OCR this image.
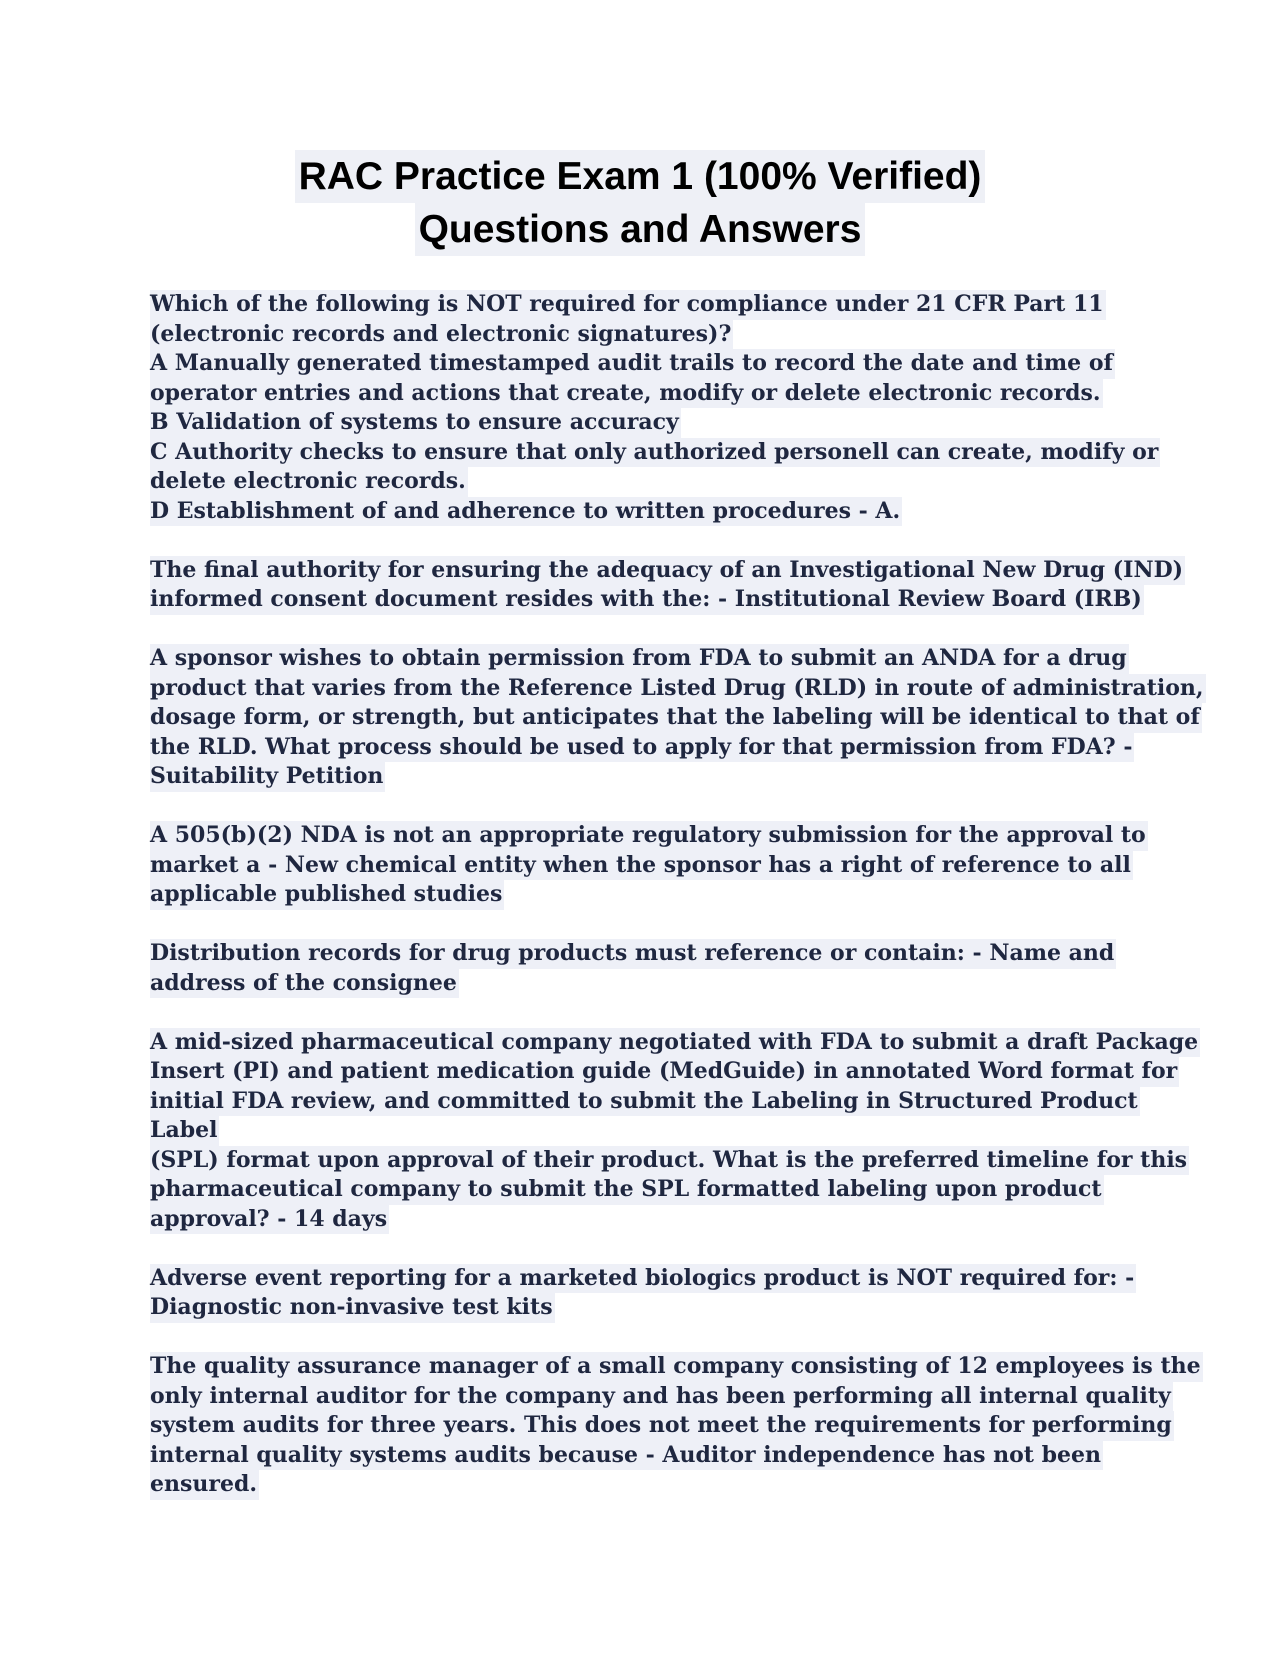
RAC Practice Exam 1 (100% Verified)
Questions and Answers
Which of the following is NOT required for compliance under 21 CFR Part 11
(electronic records and electronic signatures)?
A Manually generated timestamped audit trails to record the date and time of
operator entries and actions that create, modify or delete electronic records.
B Validation of systems to ensure accuracy
C Authority checks to ensure that only authorized personell can create, modify or
delete electronic records.
D Establishment of and adherence to written procedures - A.
The final authority for ensuring the adequacy of an Investigational New Drug (IND)
informed consent document resides with the: - Institutional Review Board (IRB)
A sponsor wishes to obtain permission from FDA to submit an ANDA for a drug
product that varies from the Reference Listed Drug (RLD) in route of administration,
dosage form, or strength, but anticipates that the labeling will be identical to that of
the RLD. What process should be used to apply for that permission from FDA? -
Suitability Petition
A 505(b)(2) NDA is not an appropriate regulatory submission for the approval to
market a - New chemical entity when the sponsor has a right of reference to all
applicable published studies
Distribution records for drug products must reference or contain: - Name and
address of the consignee
A mid-sized pharmaceutical company negotiated with FDA to submit a draft Package
Insert (PI) and patient medication guide (MedGuide) in annotated Word format for
initial FDA review, and committed to submit the Labeling in Structured Product
Label
(SPL) format upon approval of their product. What is the preferred timeline for this
pharmaceutical company to submit the SPL formatted labeling upon product
approval? - 14 days
Adverse event reporting for a marketed biologics product is NOT required for: -
Diagnostic non-invasive test kits
The quality assurance manager of a small company consisting of 12 employees is the
only internal auditor for the company and has been performing all internal quality
system audits for three years. This does not meet the requirements for performing
internal quality systems audits because - Auditor independence has not been
ensured.
